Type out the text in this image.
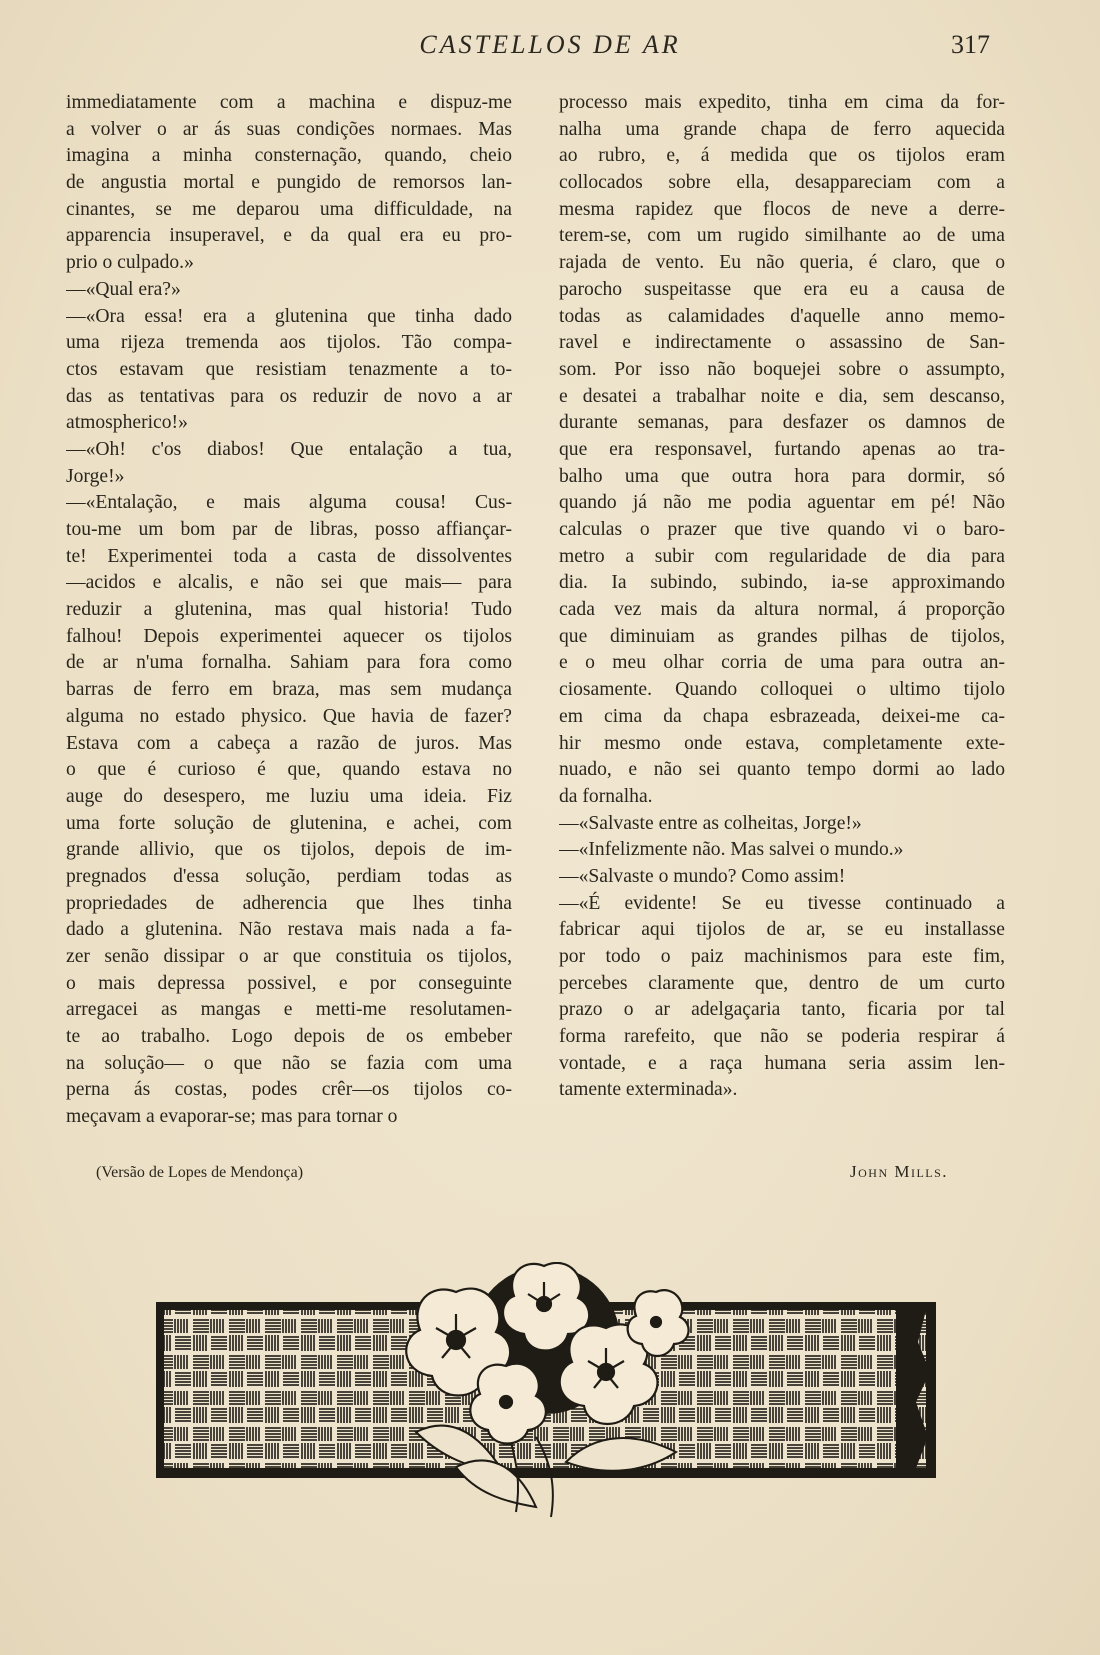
CASTELLOS DE AR	317
immediatamente com a machina e dispuz-me
a volver o ar ás suas condições normaes. Mas
imagina a minha consternação, quando, cheio
de angustia mortal e pungido de remorsos lan-
cinantes, se me deparou uma difficuldade, na
apparencia insuperavel, e da qual era eu pro-
prio o culpado.»
—«Qual era?»
—«Ora essa! era a glutenina que tinha dado
uma rijeza tremenda aos tijolos. Tão compa-
ctos estavam que resistiam tenazmente a to-
das as tentativas para os reduzir de novo a ar
atmospherico!»
—«Oh! c'os diabos! Que entalação a tua,
Jorge!»
—«Entalação, e mais alguma cousa! Cus-
tou-me um bom par de libras, posso affiançar-
te! Experimentei toda a casta de dissolventes
—acidos e alcalis, e não sei que mais— para
reduzir a glutenina, mas qual historia! Tudo
falhou! Depois experimentei aquecer os tijolos
de ar n'uma fornalha. Sahiam para fora como
barras de ferro em braza, mas sem mudança
alguma no estado physico. Que havia de fazer?
Estava com a cabeça a razão de juros. Mas
o que é curioso é que, quando estava no
auge do desespero, me luziu uma ideia. Fiz
uma forte solução de glutenina, e achei, com
grande allivio, que os tijolos, depois de im-
pregnados d'essa solução, perdiam todas as
propriedades de adherencia que lhes tinha
dado a glutenina. Não restava mais nada a fa-
zer senão dissipar o ar que constituia os tijolos,
o mais depressa possivel, e por conseguinte
arregacei as mangas e metti-me resolutamen-
te ao trabalho. Logo depois de os embeber
na solução— o que não se fazia com uma
perna ás costas, podes crêr—os tijolos co-
meçavam a evaporar-se; mas para tornar o
processo mais expedito, tinha em cima da for-
nalha uma grande chapa de ferro aquecida
ao rubro, e, á medida que os tijolos eram
collocados sobre ella, desappareciam com a
mesma rapidez que flocos de neve a derre-
terem-se, com um rugido similhante ao de uma
rajada de vento. Eu não queria, é claro, que o
parocho suspeitasse que era eu a causa de
todas as calamidades d'aquelle anno memo-
ravel e indirectamente o assassino de San-
som. Por isso não boquejei sobre o assumpto,
e desatei a trabalhar noite e dia, sem descanso,
durante semanas, para desfazer os damnos de
que era responsavel, furtando apenas ao tra-
balho uma que outra hora para dormir, só
quando já não me podia aguentar em pé! Não
calculas o prazer que tive quando vi o baro-
metro a subir com regularidade de dia para
dia. Ia subindo, subindo, ia-se approximando
cada vez mais da altura normal, á proporção
que diminuiam as grandes pilhas de tijolos,
e o meu olhar corria de uma para outra an-
ciosamente. Quando colloquei o ultimo tijolo
em cima da chapa esbrazeada, deixei-me ca-
hir mesmo onde estava, completamente exte-
nuado, e não sei quanto tempo dormi ao lado
da fornalha.
—«Salvaste entre as colheitas, Jorge!»
—«Infelizmente não. Mas salvei o mundo.»
—«Salvaste o mundo? Como assim!
—«É evidente! Se eu tivesse continuado a
fabricar aqui tijolos de ar, se eu installasse
por todo o paiz machinismos para este fim,
percebes claramente que, dentro de um curto
prazo o ar adelgaçaria tanto, ficaria por tal
forma rarefeito, que não se poderia respirar á
vontade, e a raça humana seria assim len-
tamente exterminada».
(Versão de Lopes de Mendonça)	John Mills.
